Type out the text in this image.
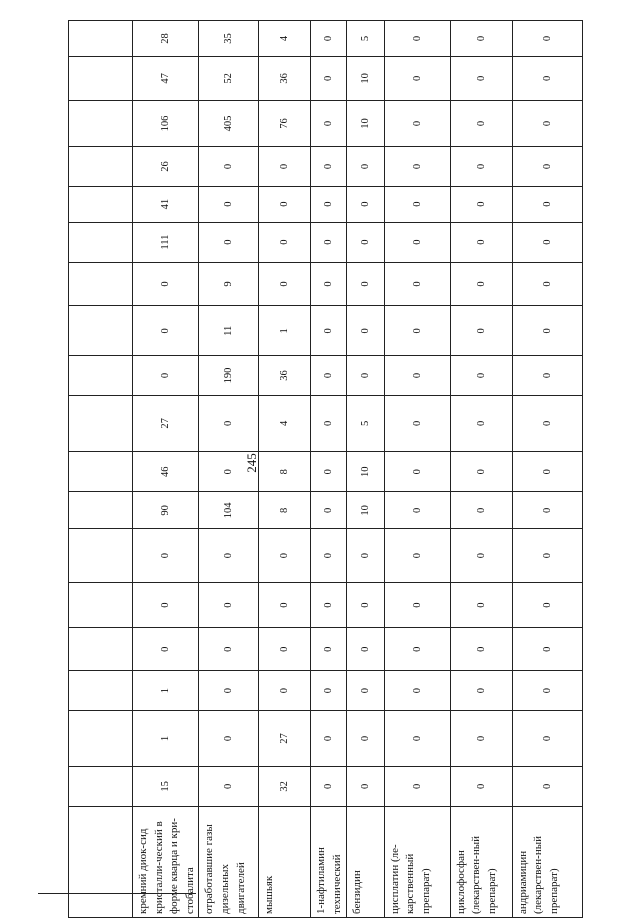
245

кремний диок-сид кристалли-ческий в форме кварца и кри-стобалита	15	1	1	0	0	0	90	46	27	0	0	0	111	41	26	106	47	28
отработавшие газы дизельных двигателей	0	0	0	0	0	0	104	0	0	190	11	9	0	0	0	405	52	35
мышьяк	32	27	0	0	0	0	8	8	4	36	1	0	0	0	0	76	36	4
1-нафтиламин технический	0	0	0	0	0	0	0	0	0	0	0	0	0	0	0	0	0	0
бензидин	0	0	0	0	0	0	10	10	5	0	0	0	0	0	0	10	10	5
цисплатин (ле-карственный препарат)	0	0	0	0	0	0	0	0	0	0	0	0	0	0	0	0	0	0
циклофосфан (лекарствен-ный препарат)	0	0	0	0	0	0	0	0	0	0	0	0	0	0	0	0	0	0
андриамицин (лекарствен-ный препарат)	0	0	0	0	0	0	0	0	0	0	0	0	0	0	0	0	0	0
